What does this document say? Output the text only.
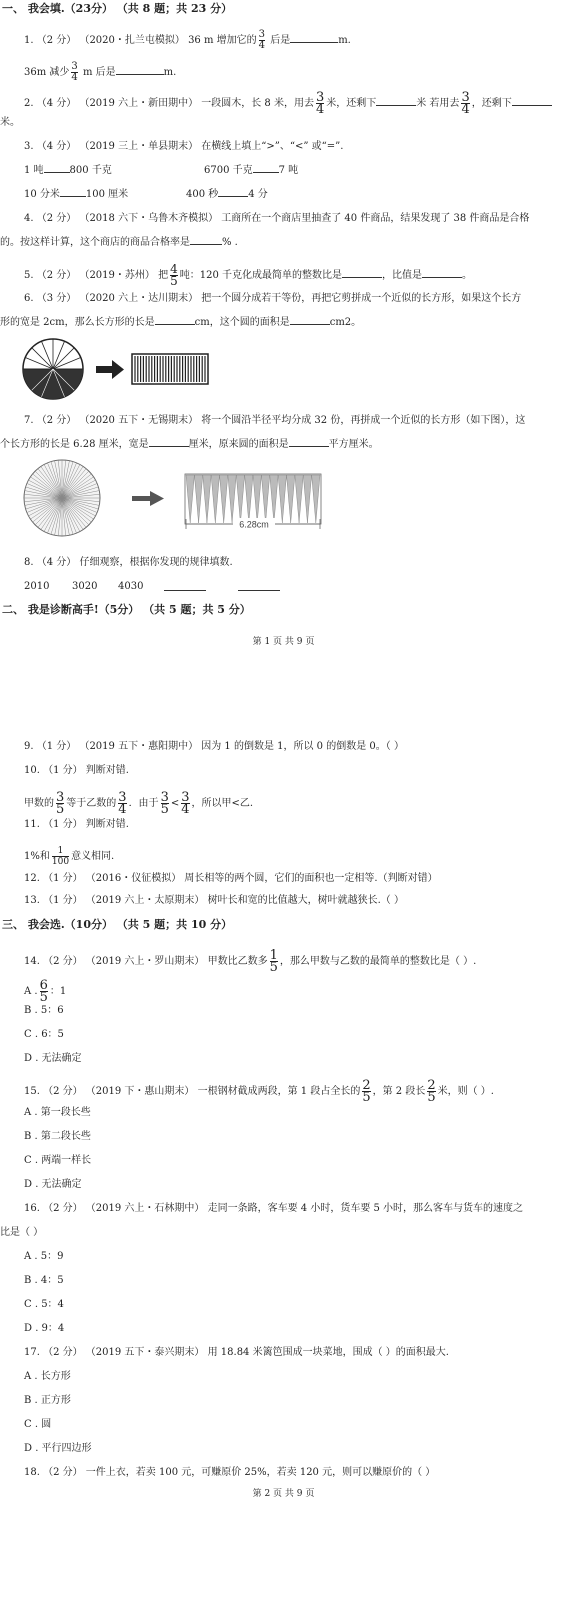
一、 我会填.（23分） （共 8 题；共 23 分）
1. （2 分） （2020・扎兰屯模拟） 36 m 增加它的 $\frac{3}{4}$ 后是	m.
36m 减少 $\frac{3}{4}$ m 后是	m.
2. （4 分） （2019 六上・新田期中） 一段圆木，长 8 米，用去 $\frac{3}{4}$ 米，还剩下	米 若用去 $\frac{3}{4}$ ，还剩下
米。
3. （4 分） （2019 三上・单县期末） 在横线上填上“>”、“<” 或“=”.
1 吨	800 千克	6700 千克	7 吨
10 分米	100 厘米	400 秒	4 分
4. （2 分） （2018 六下・乌鲁木齐模拟） 工商所在一个商店里抽查了 40 件商品，结果发现了 38 件商品是合格
的。按这样计算，这个商店的商品合格率是	% .
5. （2 分） （2019・苏州） 把 $\frac{4}{5}$ 吨：120 千克化成最简单的整数比是	，比值是	。
6. （3 分） （2020 六上・达川期末） 把一个圆分成若干等份，再把它剪拼成一个近似的长方形，如果这个长方
形的宽是 2cm，那么长方形的长是	cm，这个圆的面积是	cm2。
7. （2 分） （2020 五下・无锡期末） 将一个圆沿半径平均分成 32 份，再拼成一个近似的长方形（如下图），这
个长方形的长是 6.28 厘米，宽是	厘米，原来圆的面积是	平方厘米。
6.28cm
8. （4 分） 仔细观察，根据你发现的规律填数.
2010	3020	4030
二、 我是诊断高手!（5分） （共 5 题；共 5 分）
第 1 页 共 9 页
9. （1 分） （2019 五下・惠阳期中） 因为 1 的倒数是 1，所以 0 的倒数是 0。（ ）
10. （1 分） 判断对错.
甲数的 $\frac{3}{5}$ 等于乙数的 $\frac{3}{4}$ ．由于 $\frac{3}{5} < \frac{3}{4}$ ，所以甲<乙.
11. （1 分） 判断对错.
1%和 $\frac{1}{100}$ 意义相同.
12. （1 分） （2016・仪征模拟） 周长相等的两个圆，它们的面积也一定相等.（判断对错）
13. （1 分） （2019 六上・太原期末） 树叶长和宽的比值越大，树叶就越狭长.（ ）
三、 我会选.（10分） （共 5 题；共 10 分）
14. （2 分） （2019 六上・罗山期末） 甲数比乙数多 $\frac{1}{5}$ ，那么甲数与乙数的最简单的整数比是（ ）.
A . $\frac{6}{5}$ ：1
B . 5：6
C . 6：5
D . 无法确定
15. （2 分） （2019 下・惠山期末） 一根钢材截成两段，第 1 段占全长的 $\frac{2}{5}$ ，第 2 段长 $\frac{2}{5}$ 米，则（ ）.
A . 第一段长些
B . 第二段长些
C . 两端一样长
D . 无法确定
16. （2 分） （2019 六上・石林期中） 走同一条路，客车要 4 小时，货车要 5 小时，那么客车与货车的速度之
比是（ ）
A . 5：9
B . 4：5
C . 5：4
D . 9：4
17. （2 分） （2019 五下・泰兴期末） 用 18.84 米篱笆围成一块菜地，围成（ ）的面积最大.
A . 长方形
B . 正方形
C . 圆
D . 平行四边形
18. （2 分） 一件上衣，若卖 100 元，可赚原价 25%，若卖 120 元，则可以赚原价的（ ）
第 2 页 共 9 页
